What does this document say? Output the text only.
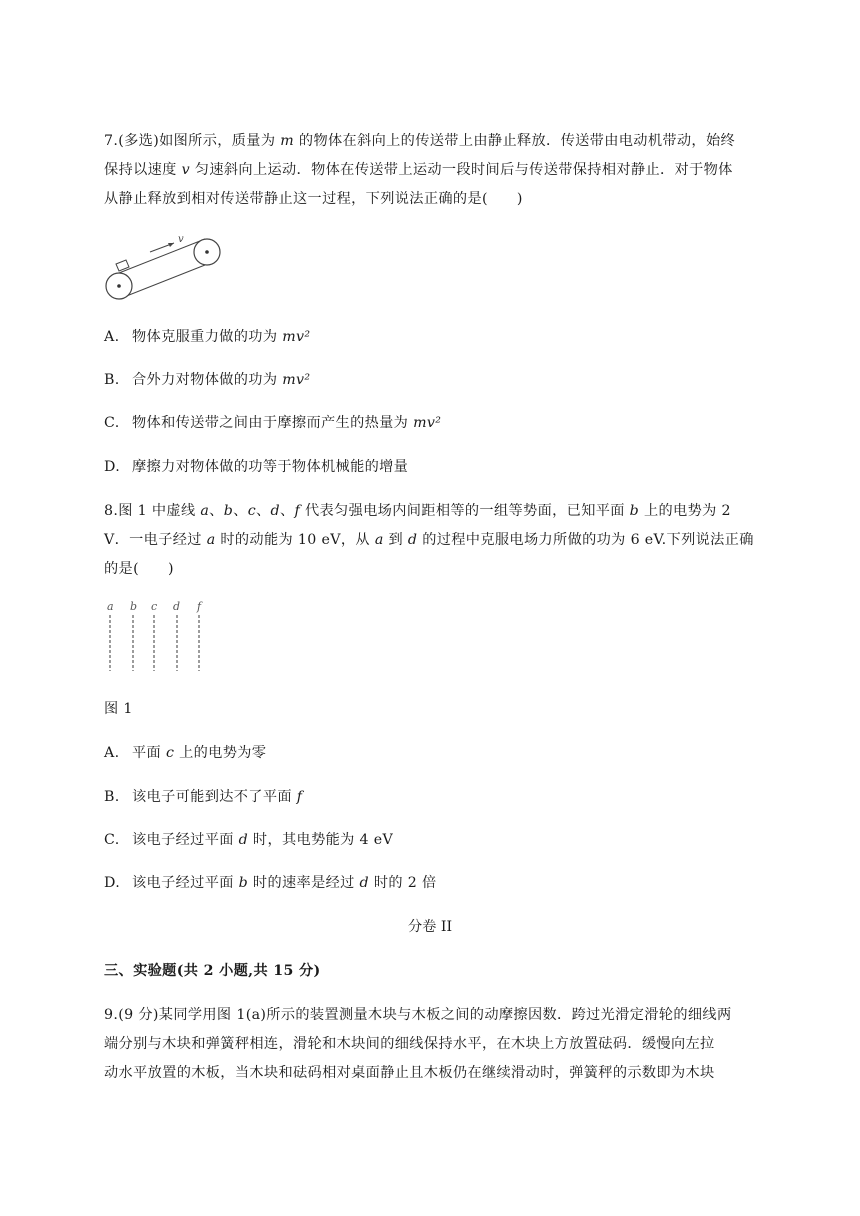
7.(多选)如图所示，质量为 m 的物体在斜向上的传送带上由静止释放．传送带由电动机带动，始终
保持以速度 v 匀速斜向上运动．物体在传送带上运动一段时间后与传送带保持相对静止．对于物体
从静止释放到相对传送带静止这一过程，下列说法正确的是(　　)
v
A. 物体克服重力做的功为 mv²
B. 合外力对物体做的功为 mv²
C. 物体和传送带之间由于摩擦而产生的热量为 mv²
D. 摩擦力对物体做的功等于物体机械能的增量
8.图 1 中虚线 a、b、c、d、f 代表匀强电场内间距相等的一组等势面，已知平面 b 上的电势为 2
V．一电子经过 a 时的动能为 10 eV，从 a 到 d 的过程中克服电场力所做的功为 6 eV.下列说法正确
的是(　　)
a b c d f
图 1
A. 平面 c 上的电势为零
B. 该电子可能到达不了平面 f
C. 该电子经过平面 d 时，其电势能为 4 eV
D. 该电子经过平面 b 时的速率是经过 d 时的 2 倍
分卷 II
三、实验题(共 2 小题,共 15 分)
9.(9 分)某同学用图 1(a)所示的装置测量木块与木板之间的动摩擦因数．跨过光滑定滑轮的细线两
端分别与木块和弹簧秤相连，滑轮和木块间的细线保持水平，在木块上方放置砝码．缓慢向左拉
动水平放置的木板，当木块和砝码相对桌面静止且木板仍在继续滑动时，弹簧秤的示数即为木块
